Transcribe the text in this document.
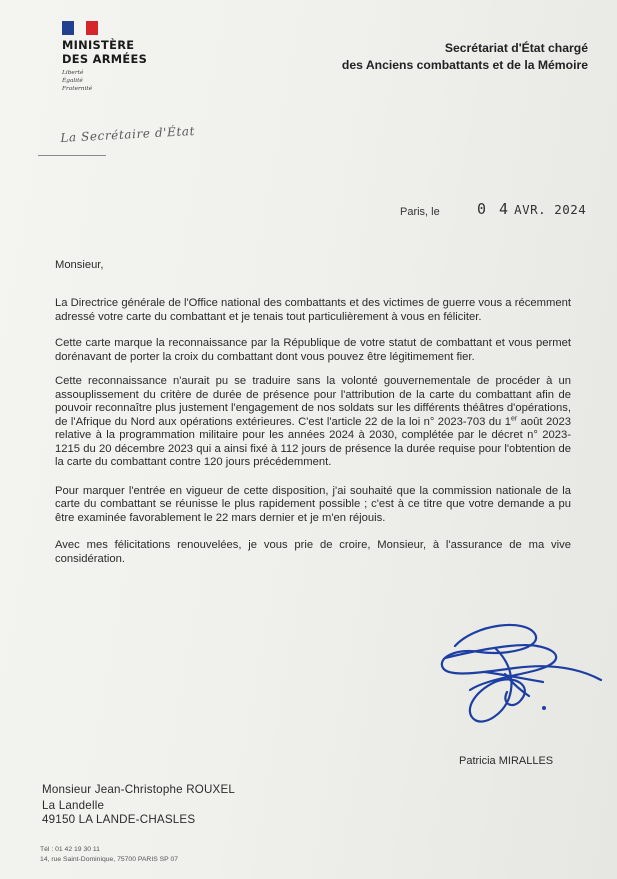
MINISTÈRE
DES ARMÉES
Liberté
Égalité
Fraternité
Secrétariat d'État chargé
des Anciens combattants et de la Mémoire
La Secrétaire d'État
Paris, le 0 4 AVR. 2024
Monsieur,

La Directrice générale de l'Office national des combattants et des victimes de guerre vous a récemment adressé votre carte du combattant et je tenais tout particulièrement à vous en féliciter.

Cette carte marque la reconnaissance par la République de votre statut de combattant et vous permet dorénavant de porter la croix du combattant dont vous pouvez être légitimement fier.

Cette reconnaissance n'aurait pu se traduire sans la volonté gouvernementale de procéder à un assouplissement du critère de durée de présence pour l'attribution de la carte du combattant afin de pouvoir reconnaître plus justement l'engagement de nos soldats sur les différents théâtres d'opérations, de l'Afrique du Nord aux opérations extérieures. C'est l'article 22 de la loi n° 2023-703 du 1er août 2023 relative à la programmation militaire pour les années 2024 à 2030, complétée par le décret n° 2023-1215 du 20 décembre 2023 qui a ainsi fixé à 112 jours de présence la durée requise pour l'obtention de la carte du combattant contre 120 jours précédemment.

Pour marquer l'entrée en vigueur de cette disposition, j'ai souhaité que la commission nationale de la carte du combattant se réunisse le plus rapidement possible ; c'est à ce titre que votre demande a pu être examinée favorablement le 22 mars dernier et je m'en réjouis.

Avec mes félicitations renouvelées, je vous prie de croire, Monsieur, à l'assurance de ma vive considération.

Patricia MIRALLES
Monsieur Jean-Christophe ROUXEL
La Landelle
49150 LA LANDE-CHASLES
Tél : 01 42 19 30 11
14, rue Saint-Dominique, 75700 PARIS SP 07
